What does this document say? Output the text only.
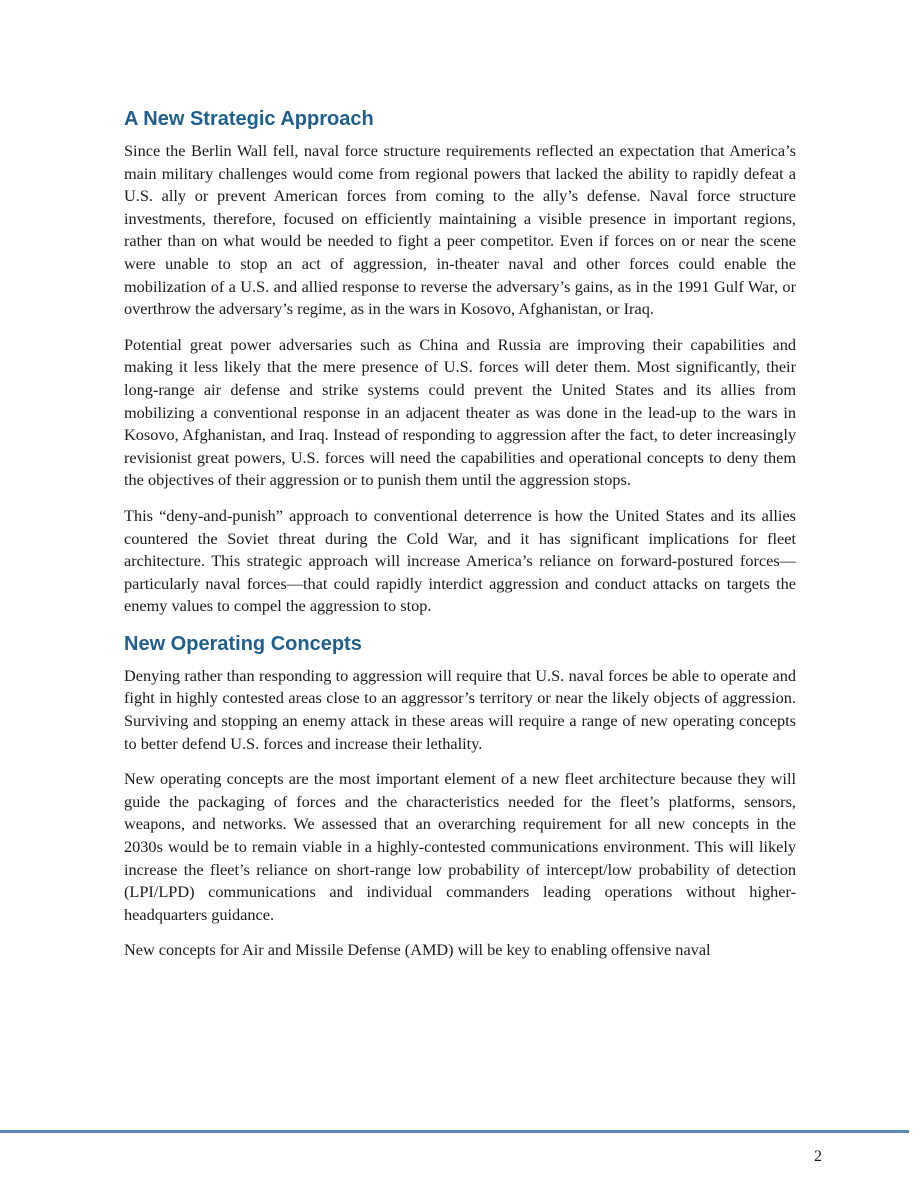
A New Strategic Approach

Since the Berlin Wall fell, naval force structure requirements reflected an expectation that America’s main military challenges would come from regional powers that lacked the ability to rapidly defeat a U.S. ally or prevent American forces from coming to the ally’s defense. Naval force structure investments, therefore, focused on efficiently maintaining a visible presence in important regions, rather than on what would be needed to fight a peer competitor. Even if forces on or near the scene were unable to stop an act of aggression, in-theater naval and other forces could enable the mobilization of a U.S. and allied response to reverse the adversary’s gains, as in the 1991 Gulf War, or overthrow the adversary’s regime, as in the wars in Kosovo, Afghanistan, or Iraq.

Potential great power adversaries such as China and Russia are improving their capabilities and making it less likely that the mere presence of U.S. forces will deter them. Most significantly, their long-range air defense and strike systems could prevent the United States and its allies from mobilizing a conventional response in an adjacent theater as was done in the lead-up to the wars in Kosovo, Afghanistan, and Iraq. Instead of responding to aggression after the fact, to deter increasingly revisionist great powers, U.S. forces will need the capabilities and operational concepts to deny them the objectives of their aggression or to punish them until the aggression stops.

This “deny-and-punish” approach to conventional deterrence is how the United States and its allies countered the Soviet threat during the Cold War, and it has significant implications for fleet architecture. This strategic approach will increase America’s reliance on forward-postured forces—particularly naval forces—that could rapidly interdict aggression and conduct attacks on targets the enemy values to compel the aggression to stop.

New Operating Concepts

Denying rather than responding to aggression will require that U.S. naval forces be able to operate and fight in highly contested areas close to an aggressor’s territory or near the likely objects of aggression. Surviving and stopping an enemy attack in these areas will require a range of new operating concepts to better defend U.S. forces and increase their lethality.

New operating concepts are the most important element of a new fleet architecture because they will guide the packaging of forces and the characteristics needed for the fleet’s platforms, sensors, weapons, and networks. We assessed that an overarching requirement for all new concepts in the 2030s would be to remain viable in a highly-contested communications environment. This will likely increase the fleet’s reliance on short-range low probability of intercept/low probability of detection (LPI/LPD) communications and individual commanders leading operations without higher-headquarters guidance.

New concepts for Air and Missile Defense (AMD) will be key to enabling offensive naval

2
